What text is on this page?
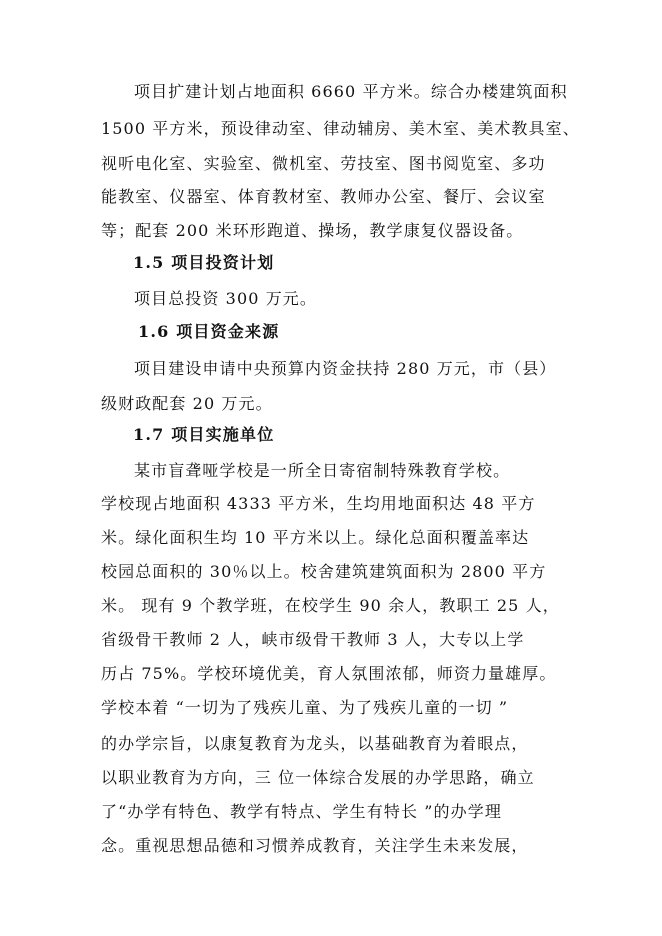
项目扩建计划占地面积 6660 平方米。综合办楼建筑面积
1500 平方米，预设律动室、律动辅房、美木室、美术教具室、
视听电化室、实验室、微机室、劳技室、图书阅览室、多功
能教室、仪器室、体育教材室、教师办公室、餐厅、会议室
等；配套 200 米环形跑道、操场，教学康复仪器设备。
1.5 项目投资计划
项目总投资 300 万元。
1.6 项目资金来源
项目建设申请中央预算内资金扶持 280 万元，市（县）
级财政配套 20 万元。
1.7 项目实施单位
某市盲聋哑学校是一所全日寄宿制特殊教育学校。
学校现占地面积 4333 平方米，生均用地面积达 48 平方
米。绿化面积生均 10 平方米以上。绿化总面积覆盖率达
校园总面积的 30％以上。校舍建筑建筑面积为 2800 平方
米。 现有 9 个教学班，在校学生 90 余人，教职工 25 人，
省级骨干教师 2 人，峡市级骨干教师 3 人，大专以上学
历占 75%。学校环境优美，育人氛围浓郁，师资力量雄厚。
学校本着 “一切为了残疾儿童、为了残疾儿童的一切 ”
的办学宗旨，以康复教育为龙头，以基础教育为着眼点，
以职业教育为方向，三 位一体综合发展的办学思路，确立
了“办学有特色、教学有特点、学生有特长 ”的办学理
念。重视思想品德和习惯养成教育，关注学生未来发展，
